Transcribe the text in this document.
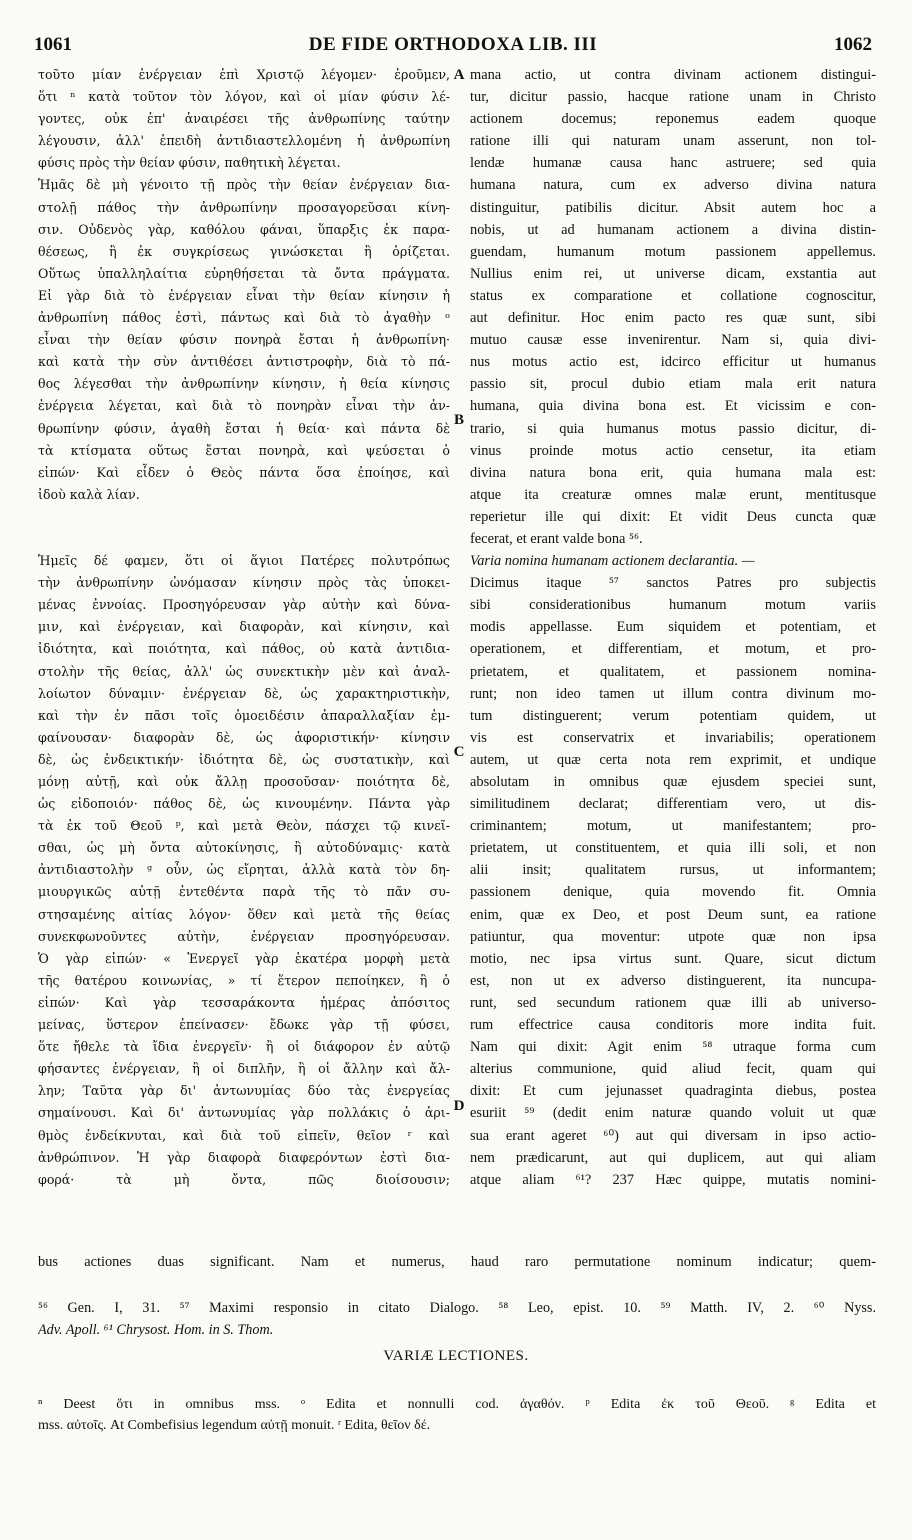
1061	DE FIDE ORTHODOXA LIB. III	1062
τοῦτο μίαν ἐνέργειαν ἐπὶ Χριστῷ λέγομεν· ἐροῦμεν,
ὅτι ⁿ κατὰ τοῦτον τὸν λόγον, καὶ οἱ μίαν φύσιν λέ-
γοντες, οὐκ ἐπ' ἀναιρέσει τῆς ἀνθρωπίνης ταύτην
λέγουσιν, ἀλλ' ἐπειδὴ ἀντιδιαστελλομένη ἡ ἀνθρωπίνη
φύσις πρὸς τὴν θείαν φύσιν, παθητικὴ λέγεται.
Ἡμᾶς δὲ μὴ γένοιτο τῇ πρὸς τὴν θείαν ἐνέργειαν δια-
στολῇ πάθος τὴν ἀνθρωπίνην προσαγορεῦσαι κίνη-
σιν. Οὐδενὸς γὰρ, καθόλου φάναι, ὕπαρξις ἐκ παρα-
θέσεως, ἢ ἐκ συγκρίσεως γινώσκεται ἢ ὁρίζεται.
Οὕτως ὑπαλληλαίτια εὑρηθήσεται τὰ ὄντα πράγματα.
Εἰ γὰρ διὰ τὸ ἐνέργειαν εἶναι τὴν θείαν κίνησιν ἡ
ἀνθρωπίνη πάθος ἐστὶ, πάντως καὶ διὰ τὸ ἀγαθὴν ᵒ
εἶναι τὴν θείαν φύσιν πονηρὰ ἔσται ἡ ἀνθρωπίνη·
καὶ κατὰ τὴν σὺν ἀντιθέσει ἀντιστροφὴν, διὰ τὸ πά-
θος λέγεσθαι τὴν ἀνθρωπίνην κίνησιν, ἡ θεία κίνησις
ἐνέργεια λέγεται, καὶ διὰ τὸ πονηρὰν εἶναι τὴν ἀν-
θρωπίνην φύσιν, ἀγαθὴ ἔσται ἡ θεία· καὶ πάντα δὲ
τὰ κτίσματα οὕτως ἔσται πονηρὰ, καὶ ψεύσεται ὁ
εἰπών· Καὶ εἶδεν ὁ Θεὸς πάντα ὅσα ἐποίησε, καὶ
ἰδοὺ καλὰ λίαν.
Ἡμεῖς δέ φαμεν, ὅτι οἱ ἅγιοι Πατέρες πολυτρόπως
τὴν ἀνθρωπίνην ὠνόμασαν κίνησιν πρὸς τὰς ὑποκει-
μένας ἐννοίας. Προσηγόρευσαν γὰρ αὐτὴν καὶ δύνα-
μιν, καὶ ἐνέργειαν, καὶ διαφορὰν, καὶ κίνησιν, καὶ
ἰδιότητα, καὶ ποιότητα, καὶ πάθος, οὐ κατὰ ἀντιδια-
στολὴν τῆς θείας, ἀλλ' ὡς συνεκτικὴν μὲν καὶ ἀναλ-
λοίωτον δύναμιν· ἐνέργειαν δὲ, ὡς χαρακτηριστικὴν,
καὶ τὴν ἐν πᾶσι τοῖς ὁμοειδέσιν ἀπαραλλαξίαν ἐμ-
φαίνουσαν· διαφορὰν δὲ, ὡς ἀφοριστικήν· κίνησιν
δὲ, ὡς ἐνδεικτικήν· ἰδιότητα δὲ, ὡς συστατικὴν, καὶ
μόνῃ αὐτῇ, καὶ οὐκ ἄλλῃ προσοῦσαν· ποιότητα δὲ,
ὡς εἰδοποιόν· πάθος δὲ, ὡς κινουμένην. Πάντα γὰρ
τὰ ἐκ τοῦ Θεοῦ ᵖ, καὶ μετὰ Θεὸν, πάσχει τῷ κινεῖ-
σθαι, ὡς μὴ ὄντα αὐτοκίνησις, ἢ αὐτοδύναμις· κατὰ
ἀντιδιαστολὴν ᵍ οὖν, ὡς εἴρηται, ἀλλὰ κατὰ τὸν δη-
μιουργικῶς αὐτῇ ἐντεθέντα παρὰ τῆς τὸ πᾶν συ-
στησαμένης αἰτίας λόγον· ὅθεν καὶ μετὰ τῆς θείας
συνεκφωνοῦντες αὐτὴν, ἐνέργειαν προσηγόρευσαν.
Ὁ γὰρ εἰπών· « Ἐνεργεῖ γὰρ ἑκατέρα μορφὴ μετὰ
τῆς θατέρου κοινωνίας, » τί ἕτερον πεποίηκεν, ἢ ὁ
εἰπών· Καὶ γὰρ τεσσαράκοντα ἡμέρας ἀπόσιτος
μείνας, ὕστερον ἐπείνασεν· ἔδωκε γὰρ τῇ φύσει,
ὅτε ἤθελε τὰ ἴδια ἐνεργεῖν· ἢ οἱ διάφορον ἐν αὐτῷ
φήσαντες ἐνέργειαν, ἢ οἱ διπλῆν, ἢ οἱ ἄλλην καὶ ἄλ-
λην; Ταῦτα γὰρ δι' ἀντωνυμίας δύο τὰς ἐνεργείας
σημαίνουσι. Καὶ δι' ἀντωνυμίας γὰρ πολλάκις ὁ ἀρι-
θμὸς ἐνδείκνυται, καὶ διὰ τοῦ εἰπεῖν, θεῖον ʳ καὶ
ἀνθρώπινον. Ἡ γὰρ διαφορὰ διαφερόντων ἐστὶ δια-
φορά· τὰ μὴ ὄντα, πῶς διοίσουσιν;
mana actio, ut contra divinam actionem distingui-
tur, dicitur passio, hacque ratione unam in Christo
actionem docemus; reponemus eadem quoque
ratione illi qui naturam unam asserunt, non tol-
lendæ humanæ causa hanc astruere; sed quia
humana natura, cum ex adverso divina natura
distinguitur, patibilis dicitur. Absit autem hoc a
nobis, ut ad humanam actionem a divina distin-
guendam, humanum motum passionem appellemus.
Nullius enim rei, ut universe dicam, exstantia aut
status ex comparatione et collatione cognoscitur,
aut definitur. Hoc enim pacto res quæ sunt, sibi
mutuo causæ esse invenirentur. Nam si, quia divi-
nus motus actio est, idcirco efficitur ut humanus
passio sit, procul dubio etiam mala erit natura
humana, quia divina bona est. Et vicissim e con-
trario, si quia humanus motus passio dicitur, di-
vinus proinde motus actio censetur, ita etiam
divina natura bona erit, quia humana mala est:
atque ita creaturæ omnes malæ erunt, mentitusque
reperietur ille qui dixit: Et vidit Deus cuncta quæ
fecerat, et erant valde bona ⁵⁶.
Varia nomina humanam actionem declarantia. —
Dicimus itaque ⁵⁷ sanctos Patres pro subjectis
sibi considerationibus humanum motum variis
modis appellasse. Eum siquidem et potentiam, et
operationem, et differentiam, et motum, et pro-
prietatem, et qualitatem, et passionem nomina-
runt; non ideo tamen ut illum contra divinum mo-
tum distinguerent; verum potentiam quidem, ut
vis est conservatrix et invariabilis; operationem
autem, ut quæ certa nota rem exprimit, et undique
absolutam in omnibus quæ ejusdem speciei sunt,
similitudinem declarat; differentiam vero, ut dis-
criminantem; motum, ut manifestantem; pro-
prietatem, ut constituentem, et quia illi soli, et non
alii insit; qualitatem rursus, ut informantem;
passionem denique, quia movendo fit. Omnia
enim, quæ ex Deo, et post Deum sunt, ea ratione
patiuntur, qua moventur: utpote quæ non ipsa
motio, nec ipsa virtus sunt. Quare, sicut dictum
est, non ut ex adverso distinguerent, ita nuncupa-
runt, sed secundum rationem quæ illi ab universo-
rum effectrice causa conditoris more indita fuit.
Nam qui dixit: Agit enim ⁵⁸ utraque forma cum
alterius communione, quid aliud fecit, quam qui
dixit: Et cum jejunasset quadraginta diebus, postea
esuriit ⁵⁹ (dedit enim naturæ quando voluit ut quæ
sua erant ageret ⁶⁰) aut qui diversam in ipso actio-
nem prædicarunt, aut qui duplicem, aut qui aliam
atque aliam ⁶¹? 237 Hæc quippe, mutatis nomini-
A
B
C
D
bus actiones duas significant. Nam et numerus, haud raro permutatione nominum indicatur; quem-
⁵⁶ Gen. I, 31. ⁵⁷ Maximi responsio in citato Dialogo. ⁵⁸ Leo, epist. 10. ⁵⁹ Matth. IV, 2. ⁶⁰ Nyss.
Adv. Apoll. ⁶¹ Chrysost. Hom. in S. Thom.
VARIÆ LECTIONES.
ⁿ Deest ὅτι in omnibus mss. ᵒ Edita et nonnulli cod. ἀγαθόν. ᵖ Edita ἐκ τοῦ Θεοῦ. ᵍ Edita et
mss. αὐτοῖς. At Combefisius legendum αὐτῇ monuit. ʳ Edita, θεῖον δέ.
